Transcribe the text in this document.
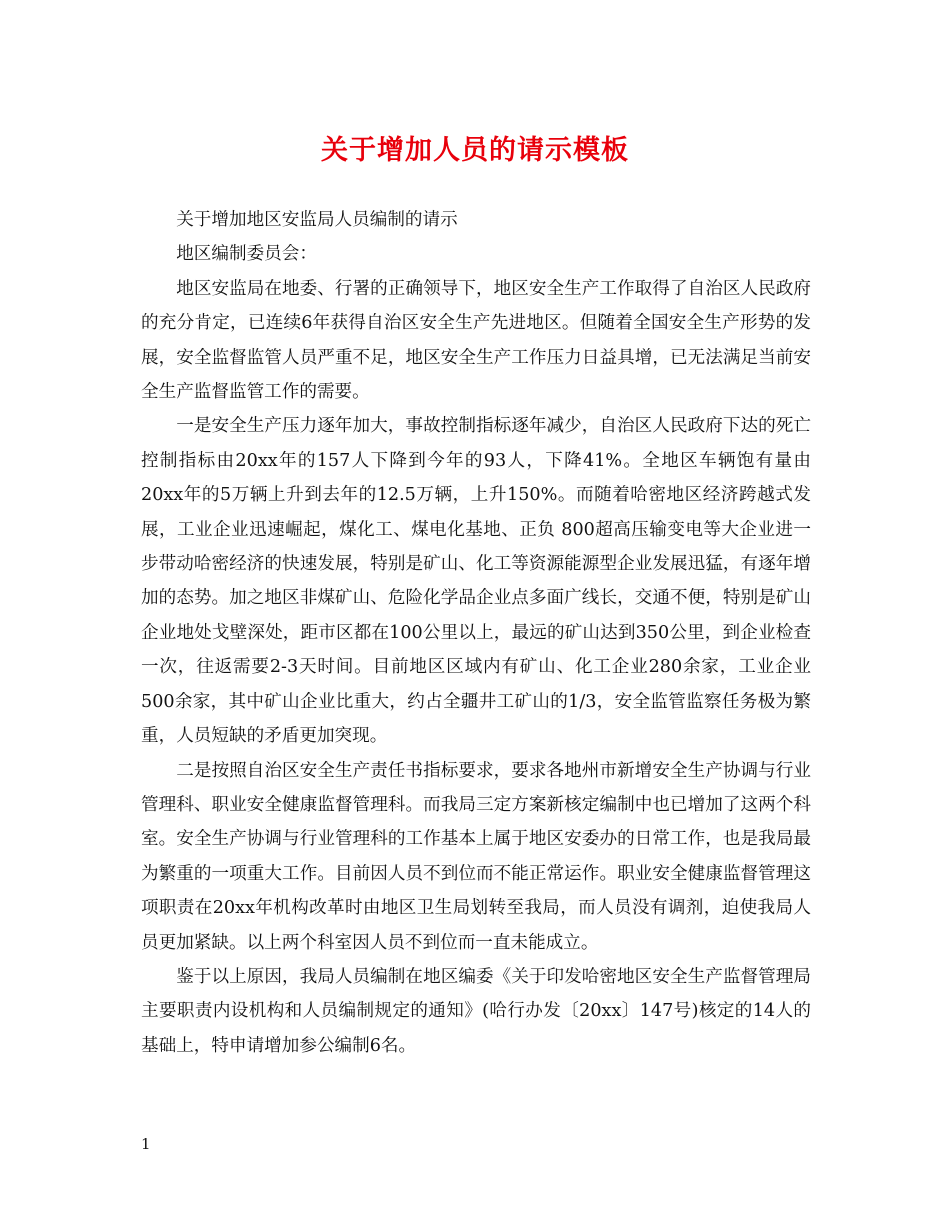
关于增加人员的请示模板

关于增加地区安监局人员编制的请示

地区编制委员会：

地区安监局在地委、行署的正确领导下，地区安全生产工作取得了自治区人民政府的充分肯定，已连续6年获得自治区安全生产先进地区。但随着全国安全生产形势的发展，安全监督监管人员严重不足，地区安全生产工作压力日益具增，已无法满足当前安全生产监督监管工作的需要。

一是安全生产压力逐年加大，事故控制指标逐年减少，自治区人民政府下达的死亡控制指标由20xx年的157人下降到今年的93人，下降41%。全地区车辆饱有量由20xx年的5万辆上升到去年的12.5万辆，上升150%。而随着哈密地区经济跨越式发展，工业企业迅速崛起，煤化工、煤电化基地、正负 800超高压输变电等大企业进一步带动哈密经济的快速发展，特别是矿山、化工等资源能源型企业发展迅猛，有逐年增加的态势。加之地区非煤矿山、危险化学品企业点多面广线长，交通不便，特别是矿山企业地处戈壁深处，距市区都在100公里以上，最远的矿山达到350公里，到企业检查一次，往返需要2-3天时间。目前地区区域内有矿山、化工企业280余家，工业企业500余家，其中矿山企业比重大，约占全疆井工矿山的1/3，安全监管监察任务极为繁重，人员短缺的矛盾更加突现。

二是按照自治区安全生产责任书指标要求，要求各地州市新增安全生产协调与行业管理科、职业安全健康监督管理科。而我局三定方案新核定编制中也已增加了这两个科室。安全生产协调与行业管理科的工作基本上属于地区安委办的日常工作，也是我局最为繁重的一项重大工作。目前因人员不到位而不能正常运作。职业安全健康监督管理这项职责在20xx年机构改革时由地区卫生局划转至我局，而人员没有调剂，迫使我局人员更加紧缺。以上两个科室因人员不到位而一直未能成立。

鉴于以上原因，我局人员编制在地区编委《关于印发哈密地区安全生产监督管理局主要职责内设机构和人员编制规定的通知》(哈行办发〔20xx〕147号)核定的14人的基础上，特申请增加参公编制6名。

1
